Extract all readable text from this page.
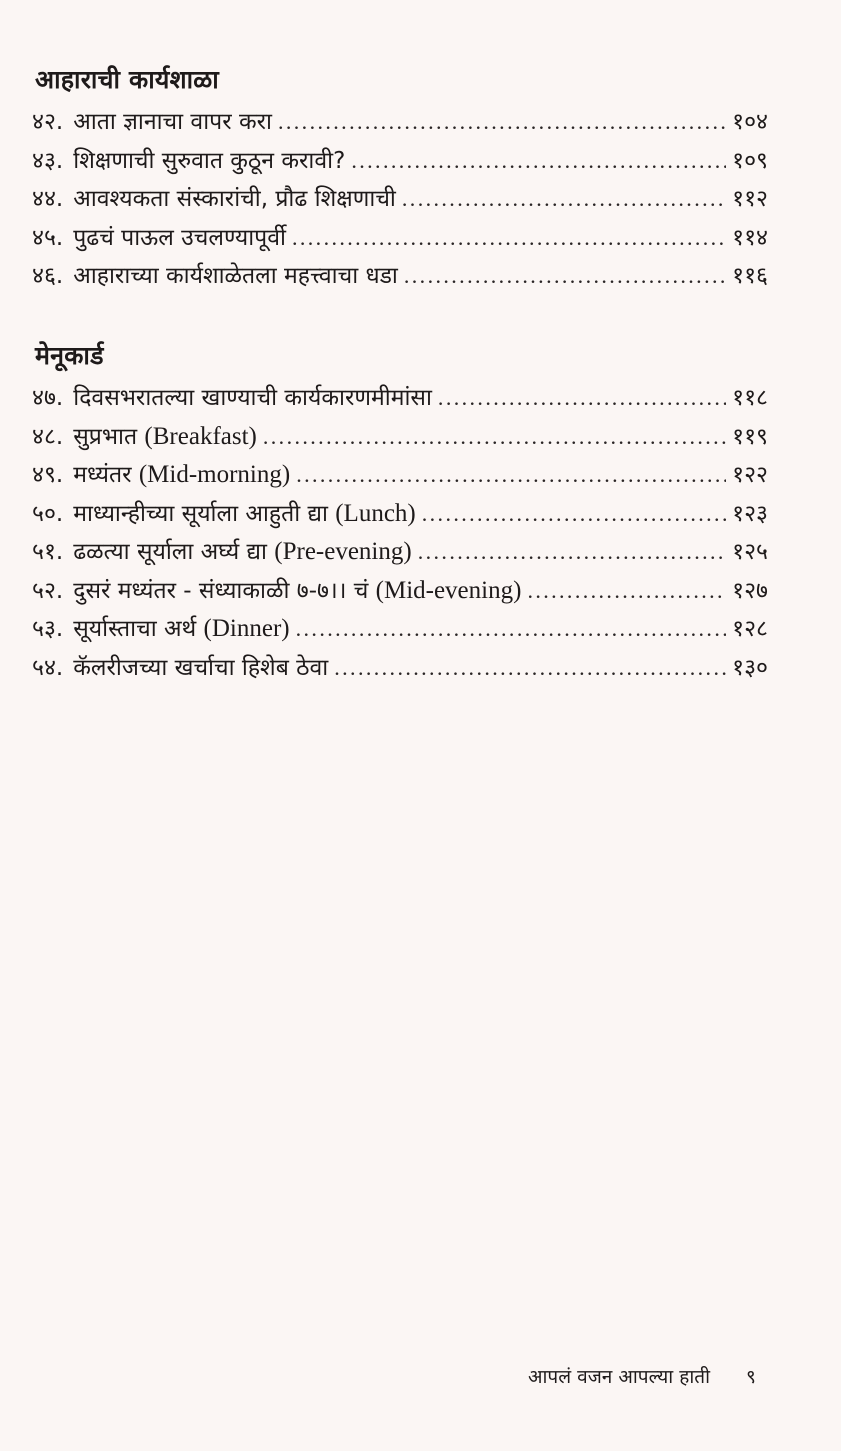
आहाराची कार्यशाळा
४२. आता ज्ञानाचा वापर करा .....	१०४
४३. शिक्षणाची सुरुवात कुठून करावी? .....	१०९
४४. आवश्यकता संस्कारांची, प्रौढ शिक्षणाची .....	११२
४५. पुढचं पाऊल उचलण्यापूर्वी .....	११४
४६. आहाराच्या कार्यशाळेतला महत्त्वाचा धडा .....	११६
मेनूकार्ड
४७. दिवसभरातल्या खाण्याची कार्यकारणमीमांसा .....	११८
४८. सुप्रभात (Breakfast) .....	११९
४९. मध्यंतर (Mid-morning) .....	१२२
५०. माध्यान्हीच्या सूर्याला आहुती द्या (Lunch) .....	१२३
५१. ढळत्या सूर्याला अर्घ्य द्या (Pre-evening) .....	१२५
५२. दुसरं मध्यंतर - संध्याकाळी ७-७।। चं (Mid-evening) .....	१२७
५३. सूर्यास्ताचा अर्थ (Dinner) .....	१२८
५४. कॅलरीजच्या खर्चाचा हिशेब ठेवा .....	१३०
आपलं वजन आपल्या हाती ९
